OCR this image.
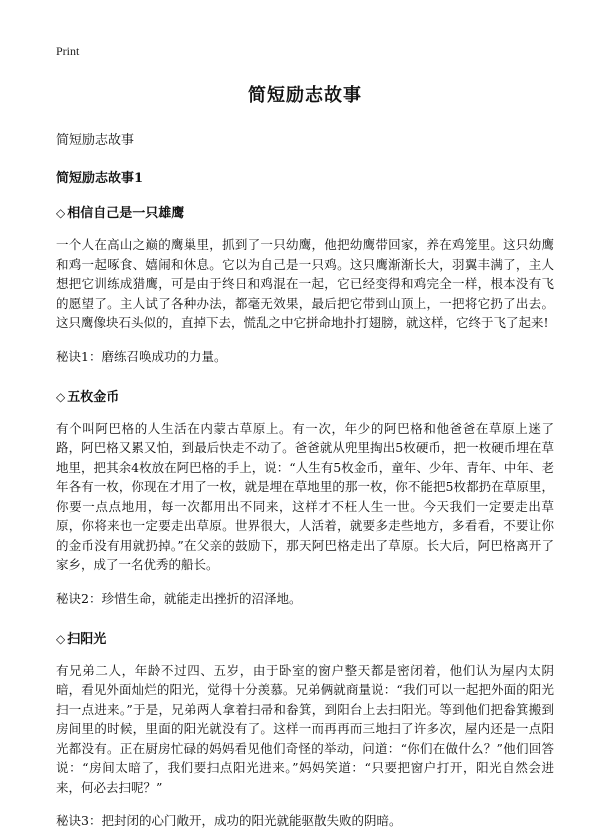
Print
简短励志故事
简短励志故事
简短励志故事1
◇ 相信自己是一只雄鹰

一个人在高山之巅的鹰巢里，抓到了一只幼鹰，他把幼鹰带回家，养在鸡笼里。这只幼鹰和鸡一起啄食、嬉闹和休息。它以为自己是一只鸡。这只鹰渐渐长大，羽翼丰满了，主人想把它训练成猎鹰，可是由于终日和鸡混在一起，它已经变得和鸡完全一样，根本没有飞的愿望了。主人试了各种办法，都毫无效果，最后把它带到山顶上，一把将它扔了出去。这只鹰像块石头似的，直掉下去，慌乱之中它拼命地扑打翅膀，就这样，它终于飞了起来!

秘诀1：磨练召唤成功的力量。

◇ 五枚金币

有个叫阿巴格的人生活在内蒙古草原上。有一次，年少的阿巴格和他爸爸在草原上迷了路，阿巴格又累又怕，到最后快走不动了。爸爸就从兜里掏出5枚硬币，把一枚硬币埋在草地里，把其余4枚放在阿巴格的手上，说：“人生有5枚金币，童年、少年、青年、中年、老年各有一枚，你现在才用了一枚，就是埋在草地里的那一枚，你不能把5枚都扔在草原里，你要一点点地用，每一次都用出不同来，这样才不枉人生一世。今天我们一定要走出草原，你将来也一定要走出草原。世界很大，人活着，就要多走些地方，多看看，不要让你的金币没有用就扔掉。”在父亲的鼓励下，那天阿巴格走出了草原。长大后，阿巴格离开了家乡，成了一名优秀的船长。

秘诀2：珍惜生命，就能走出挫折的沼泽地。

◇ 扫阳光

有兄弟二人，年龄不过四、五岁，由于卧室的窗户整天都是密闭着，他们认为屋内太阴暗，看见外面灿烂的阳光，觉得十分羡慕。兄弟俩就商量说：“我们可以一起把外面的阳光扫一点进来。”于是，兄弟两人拿着扫帚和畚箕，到阳台上去扫阳光。等到他们把畚箕搬到房间里的时候，里面的阳光就没有了。这样一而再再而三地扫了许多次，屋内还是一点阳光都没有。正在厨房忙碌的妈妈看见他们奇怪的举动，问道：“你们在做什么？”他们回答说：“房间太暗了，我们要扫点阳光进来。”妈妈笑道：“只要把窗户打开，阳光自然会进来，何必去扫呢？”

秘诀3：把封闭的心门敞开，成功的阳光就能驱散失败的阴暗。
